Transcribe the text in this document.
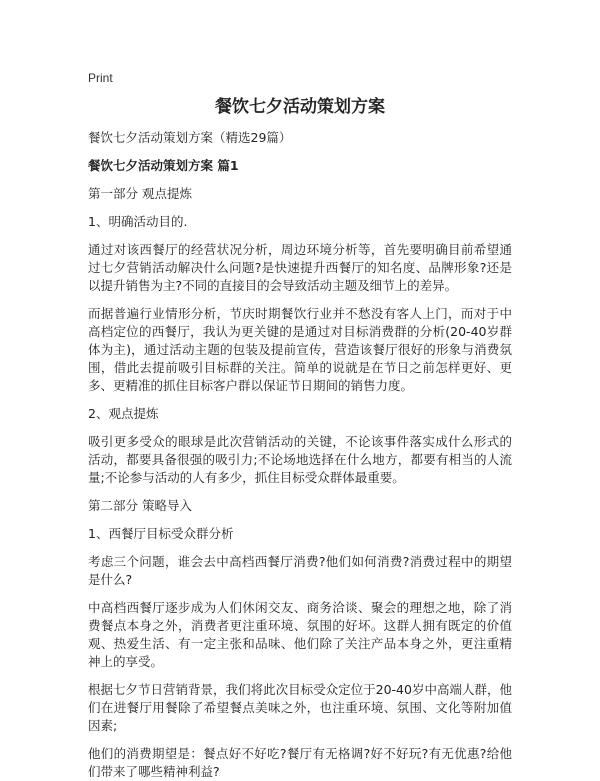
Print
餐饮七夕活动策划方案
餐饮七夕活动策划方案（精选29篇）
餐饮七夕活动策划方案 篇1
第一部分 观点提炼
1、明确活动目的.
通过对该西餐厅的经营状况分析，周边环境分析等，首先要明确目前希望通过七夕营销活动解决什么问题?是快速提升西餐厅的知名度、品牌形象?还是以提升销售为主?不同的直接目的会导致活动主题及细节上的差异。
而据普遍行业情形分析，节庆时期餐饮行业并不愁没有客人上门，而对于中高档定位的西餐厅，我认为更关键的是通过对目标消费群的分析(20-40岁群体为主)，通过活动主题的包装及提前宣传，营造该餐厅很好的形象与消费氛围，借此去提前吸引目标群的关注。简单的说就是在节日之前怎样更好、更多、更精准的抓住目标客户群以保证节日期间的销售力度。
2、观点提炼
吸引更多受众的眼球是此次营销活动的关键，不论该事件落实成什么形式的活动，都要具备很强的吸引力;不论场地选择在什么地方，都要有相当的人流量;不论参与活动的人有多少，抓住目标受众群体最重要。
第二部分 策略导入
1、西餐厅目标受众群分析
考虑三个问题，谁会去中高档西餐厅消费?他们如何消费?消费过程中的期望是什么?
中高档西餐厅逐步成为人们休闲交友、商务洽谈、聚会的理想之地，除了消费餐点本身之外，消费者更注重环境、氛围的好坏。这群人拥有既定的价值观、热爱生活、有一定主张和品味、他们除了关注产品本身之外，更注重精神上的享受。
根据七夕节日营销背景，我们将此次目标受众定位于20-40岁中高端人群，他们在进餐厅用餐除了希望餐点美味之外，也注重环境、氛围、文化等附加值因素;
他们的消费期望是：餐点好不好吃?餐厅有无格调?好不好玩?有无优惠?给他们带来了哪些精神利益?
